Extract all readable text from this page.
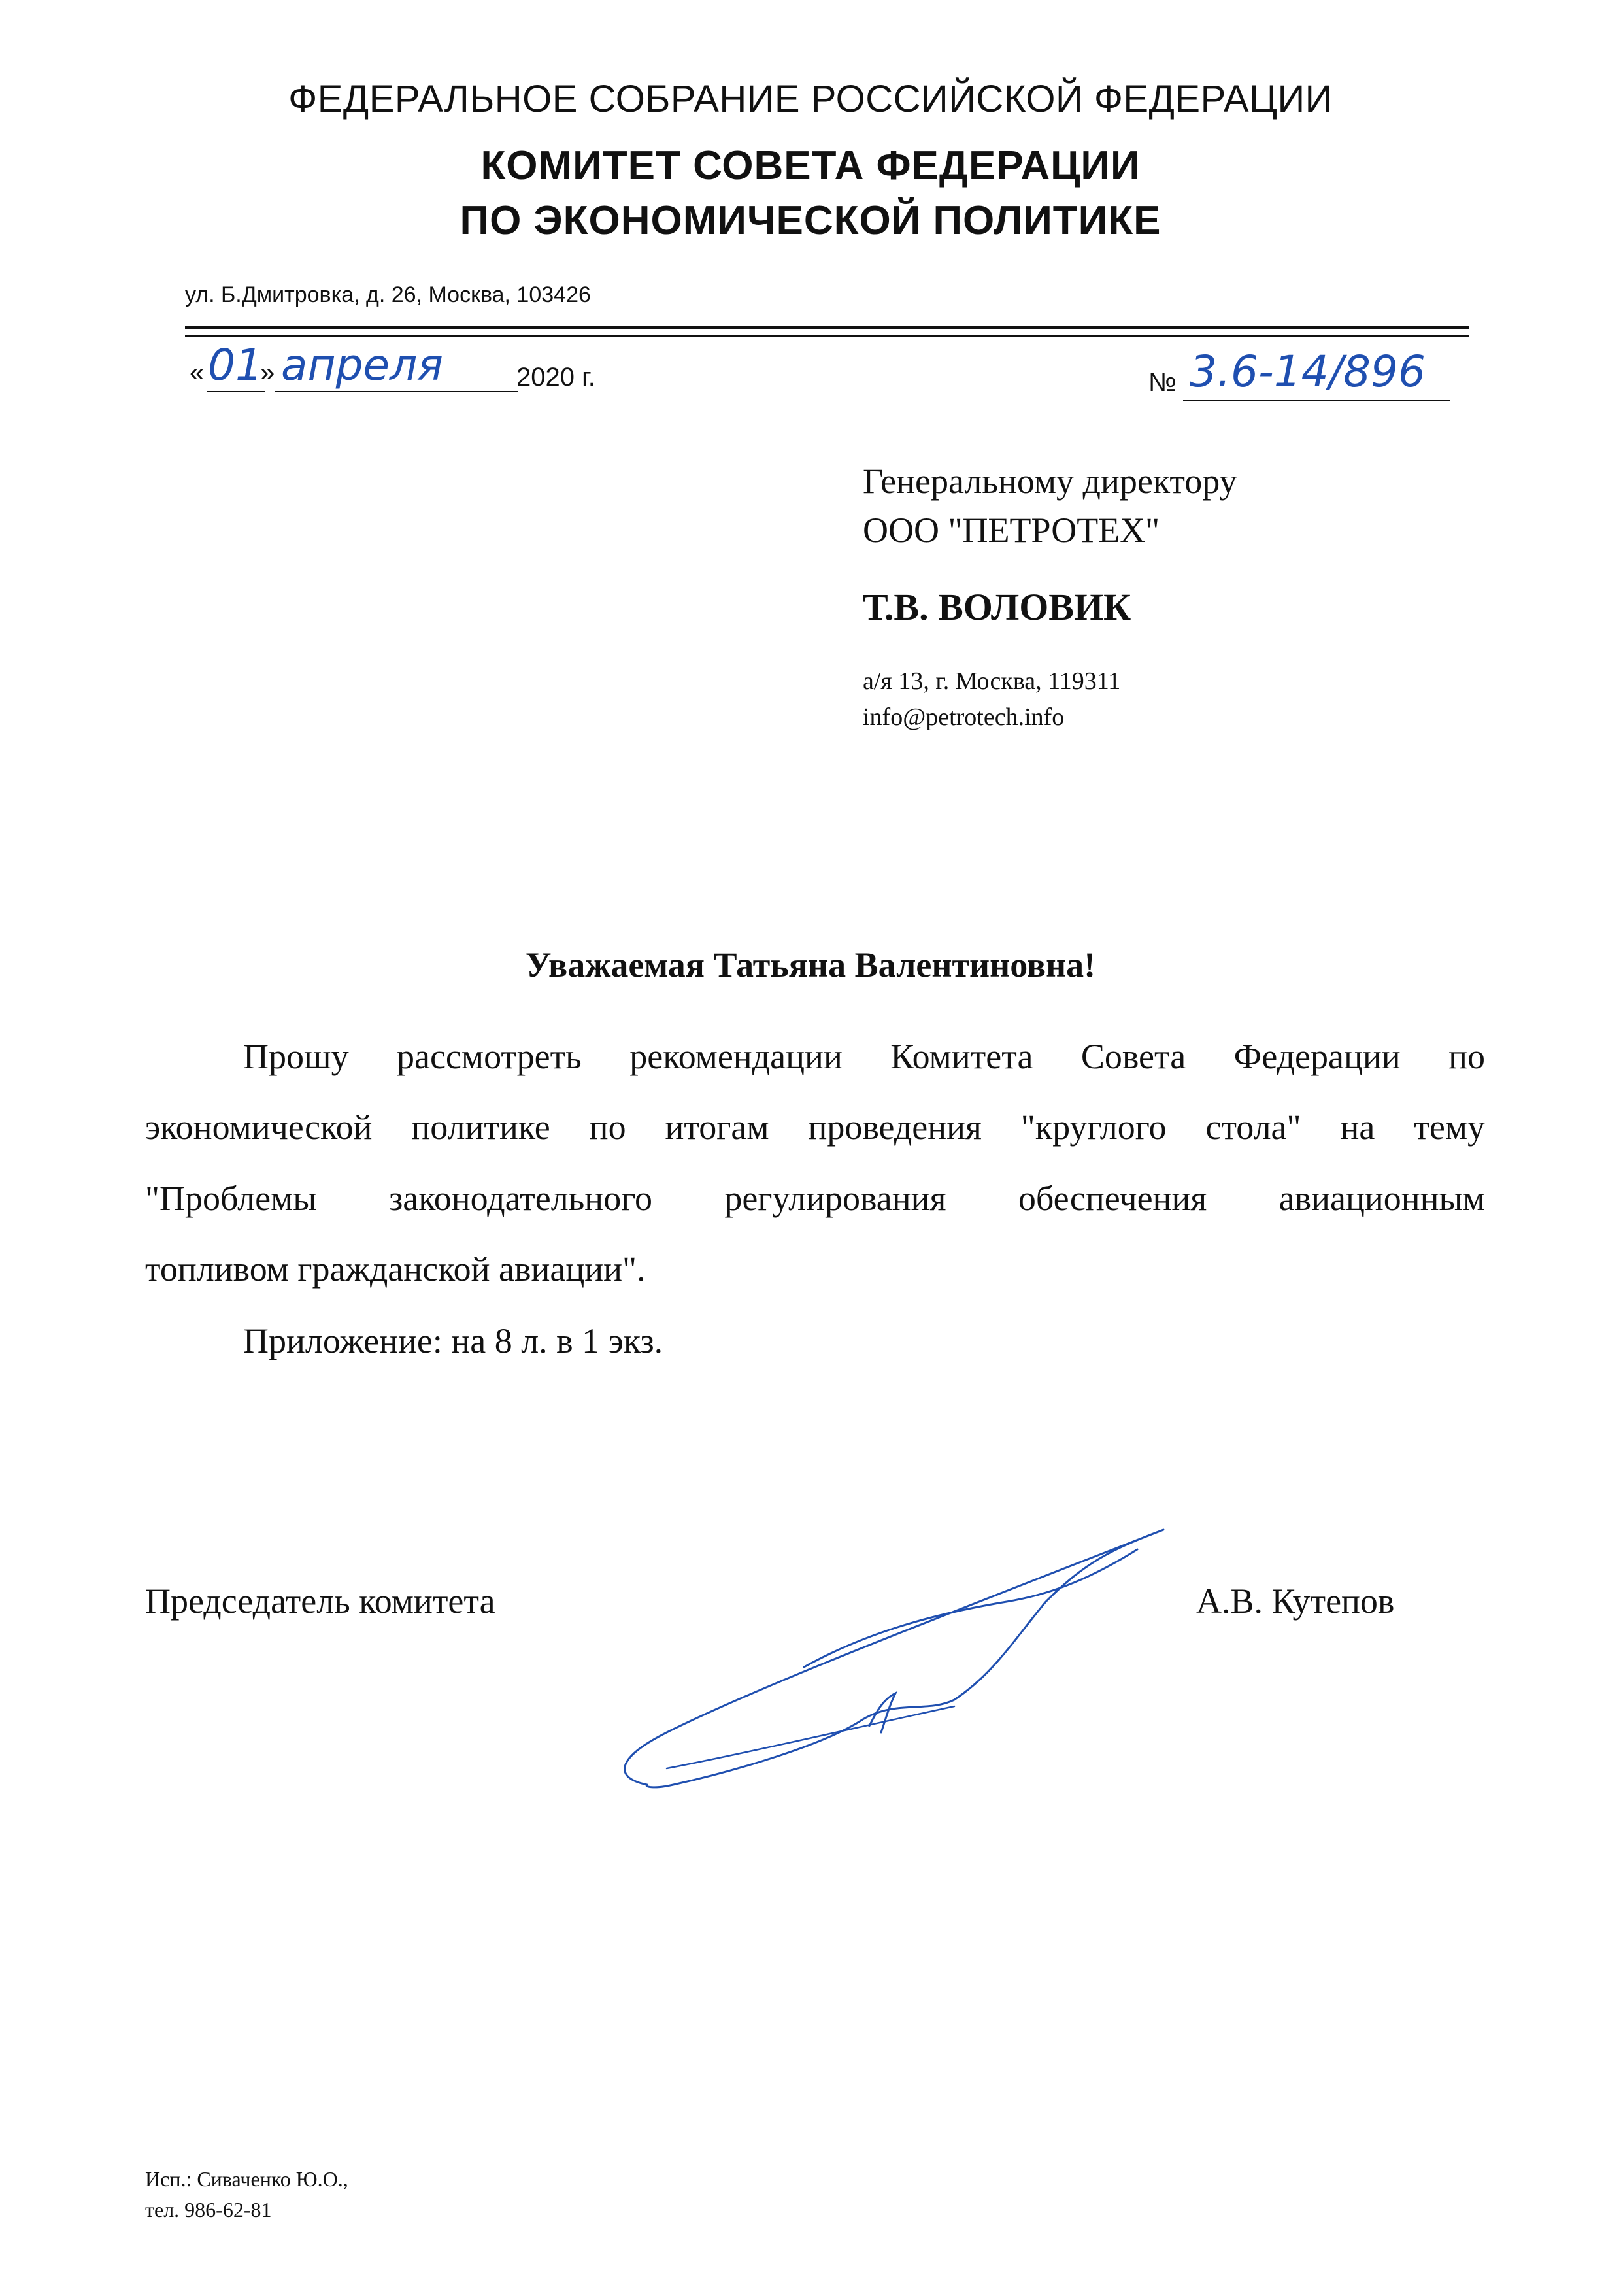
ФЕДЕРАЛЬНОЕ СОБРАНИЕ РОССИЙСКОЙ ФЕДЕРАЦИИ
КОМИТЕТ СОВЕТА ФЕДЕРАЦИИ
ПО ЭКОНОМИЧЕСКОЙ ПОЛИТИКЕ
ул. Б.Дмитровка, д. 26, Москва, 103426
« 01
» апреля	2020 г.	№ 3.6-14/896
Генеральному директору
ООО "ПЕТРОТЕХ"
Т.В. ВОЛОВИК
а/я 13, г. Москва, 119311
info@petrotech.info
Уважаемая Татьяна Валентиновна!
Прошу рассмотреть рекомендации Комитета Совета Федерации по
экономической политике по итогам проведения "круглого стола" на тему
"Проблемы законодательного регулирования обеспечения авиационным
топливом гражданской авиации".
Приложение: на 8 л. в 1 экз.
Председатель комитета	А.В. Кутепов
Исп.: Сиваченко Ю.О.,
тел. 986-62-81
